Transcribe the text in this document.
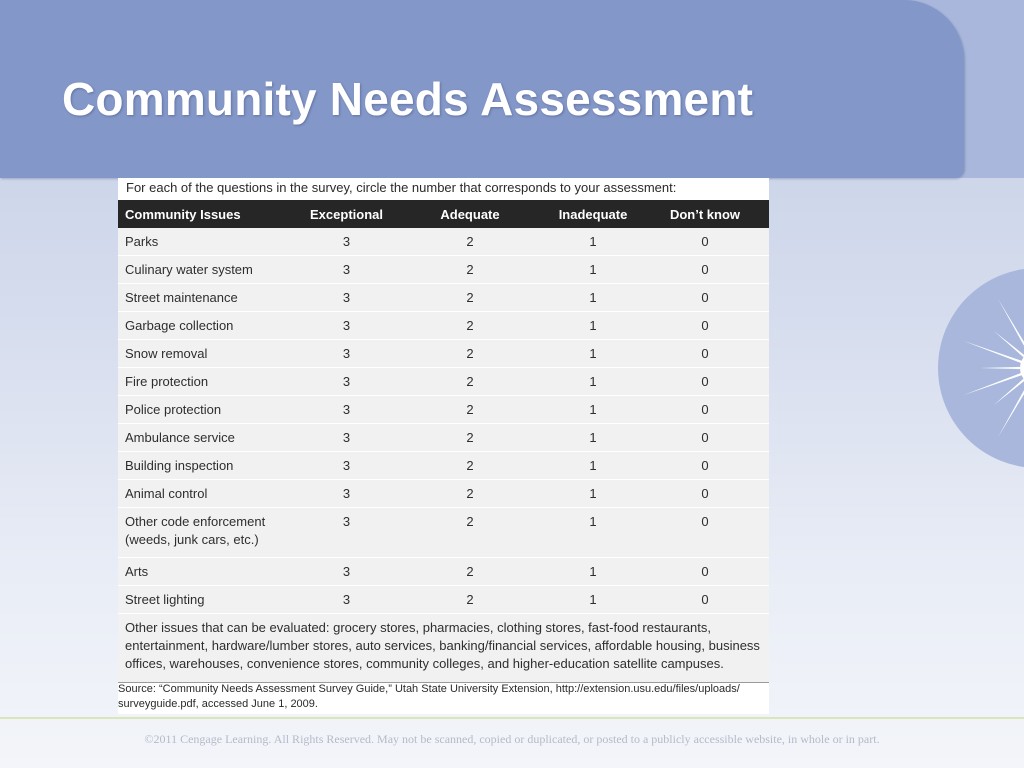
Community Needs Assessment
For each of the questions in the survey, circle the number that corresponds to your assessment:
Community Issues	Exceptional	Adequate	Inadequate	Don’t know
Parks	3	2	1	0
Culinary water system	3	2	1	0
Street maintenance	3	2	1	0
Garbage collection	3	2	1	0
Snow removal	3	2	1	0
Fire protection	3	2	1	0
Police protection	3	2	1	0
Ambulance service	3	2	1	0
Building inspection	3	2	1	0
Animal control	3	2	1	0
Other code enforcement
(weeds, junk cars, etc.)	3	2	1	0
Arts	3	2	1	0
Street lighting	3	2	1	0
Other issues that can be evaluated: grocery stores, pharmacies, clothing stores, fast-food restaurants,
entertainment, hardware/lumber stores, auto services, banking/financial services, affordable housing, business
offices, warehouses, convenience stores, community colleges, and higher-education satellite campuses.				
Source: “Community Needs Assessment Survey Guide,” Utah State University Extension, http://extension.usu.edu/files/uploads/
surveyguide.pdf, accessed June 1, 2009.
©2011 Cengage Learning. All Rights Reserved. May not be scanned, copied or duplicated, or posted to a publicly accessible website, in whole or in part.
